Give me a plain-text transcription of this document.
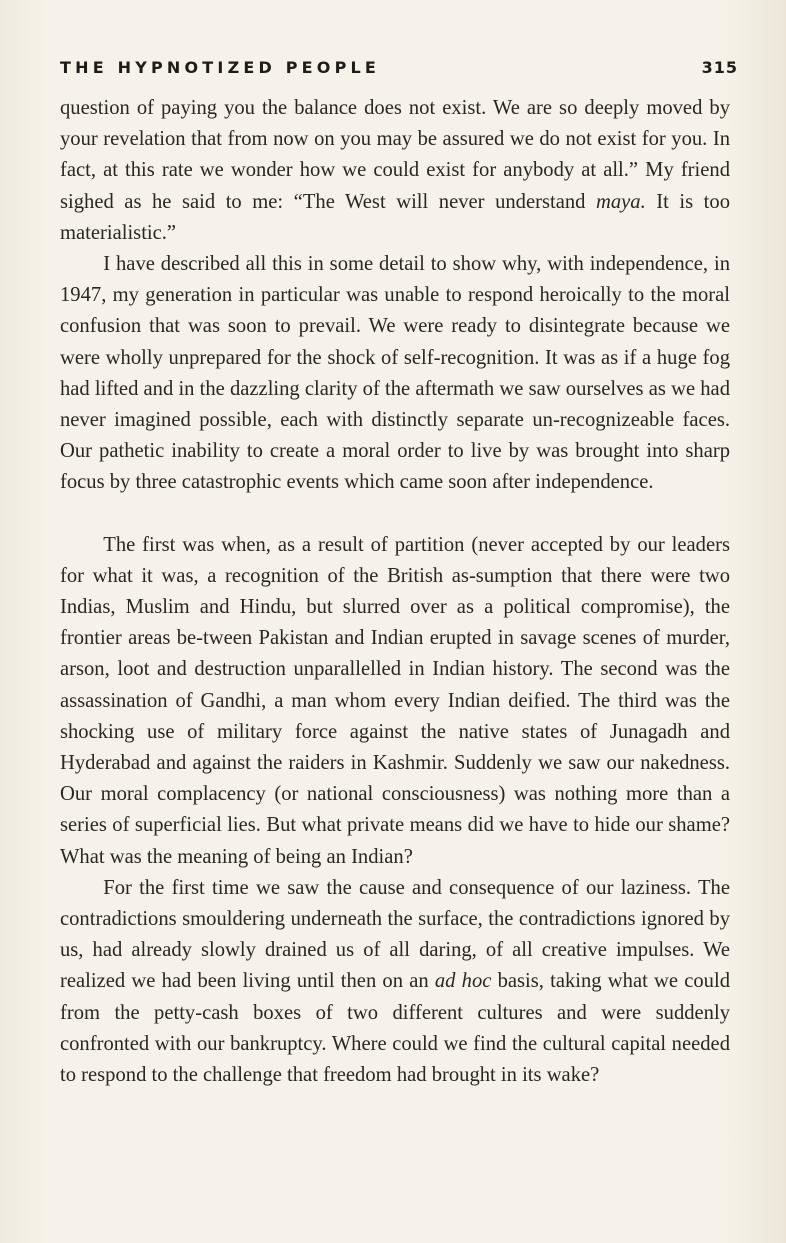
THE HYPNOTIZED PEOPLE	315

question of paying you the balance does not exist. We are so deeply moved by your revelation that from now on you may be assured we do not exist for you. In fact, at this rate we wonder how we could exist for anybody at all.” My friend sighed as he said to me: “The West will never understand maya. It is too materialistic.”

I have described all this in some detail to show why, with independence, in 1947, my generation in particular was unable to respond heroically to the moral confusion that was soon to prevail. We were ready to disintegrate because we were wholly unprepared for the shock of self-recognition. It was as if a huge fog had lifted and in the dazzling clarity of the aftermath we saw ourselves as we had never imagined possible, each with distinctly separate un-recognizeable faces. Our pathetic inability to create a moral order to live by was brought into sharp focus by three catastrophic events which came soon after independence.

The first was when, as a result of partition (never accepted by our leaders for what it was, a recognition of the British as-sumption that there were two Indias, Muslim and Hindu, but slurred over as a political compromise), the frontier areas be-tween Pakistan and Indian erupted in savage scenes of murder, arson, loot and destruction unparallelled in Indian history. The second was the assassination of Gandhi, a man whom every Indian deified. The third was the shocking use of military force against the native states of Junagadh and Hyderabad and against the raiders in Kashmir. Suddenly we saw our nakedness. Our moral complacency (or national consciousness) was nothing more than a series of superficial lies. But what private means did we have to hide our shame? What was the meaning of being an Indian?

For the first time we saw the cause and consequence of our laziness. The contradictions smouldering underneath the surface, the contradictions ignored by us, had already slowly drained us of all daring, of all creative impulses. We realized we had been living until then on an ad hoc basis, taking what we could from the petty-cash boxes of two different cultures and were suddenly confronted with our bankruptcy. Where could we find the cultural capital needed to respond to the challenge that freedom had brought in its wake?
